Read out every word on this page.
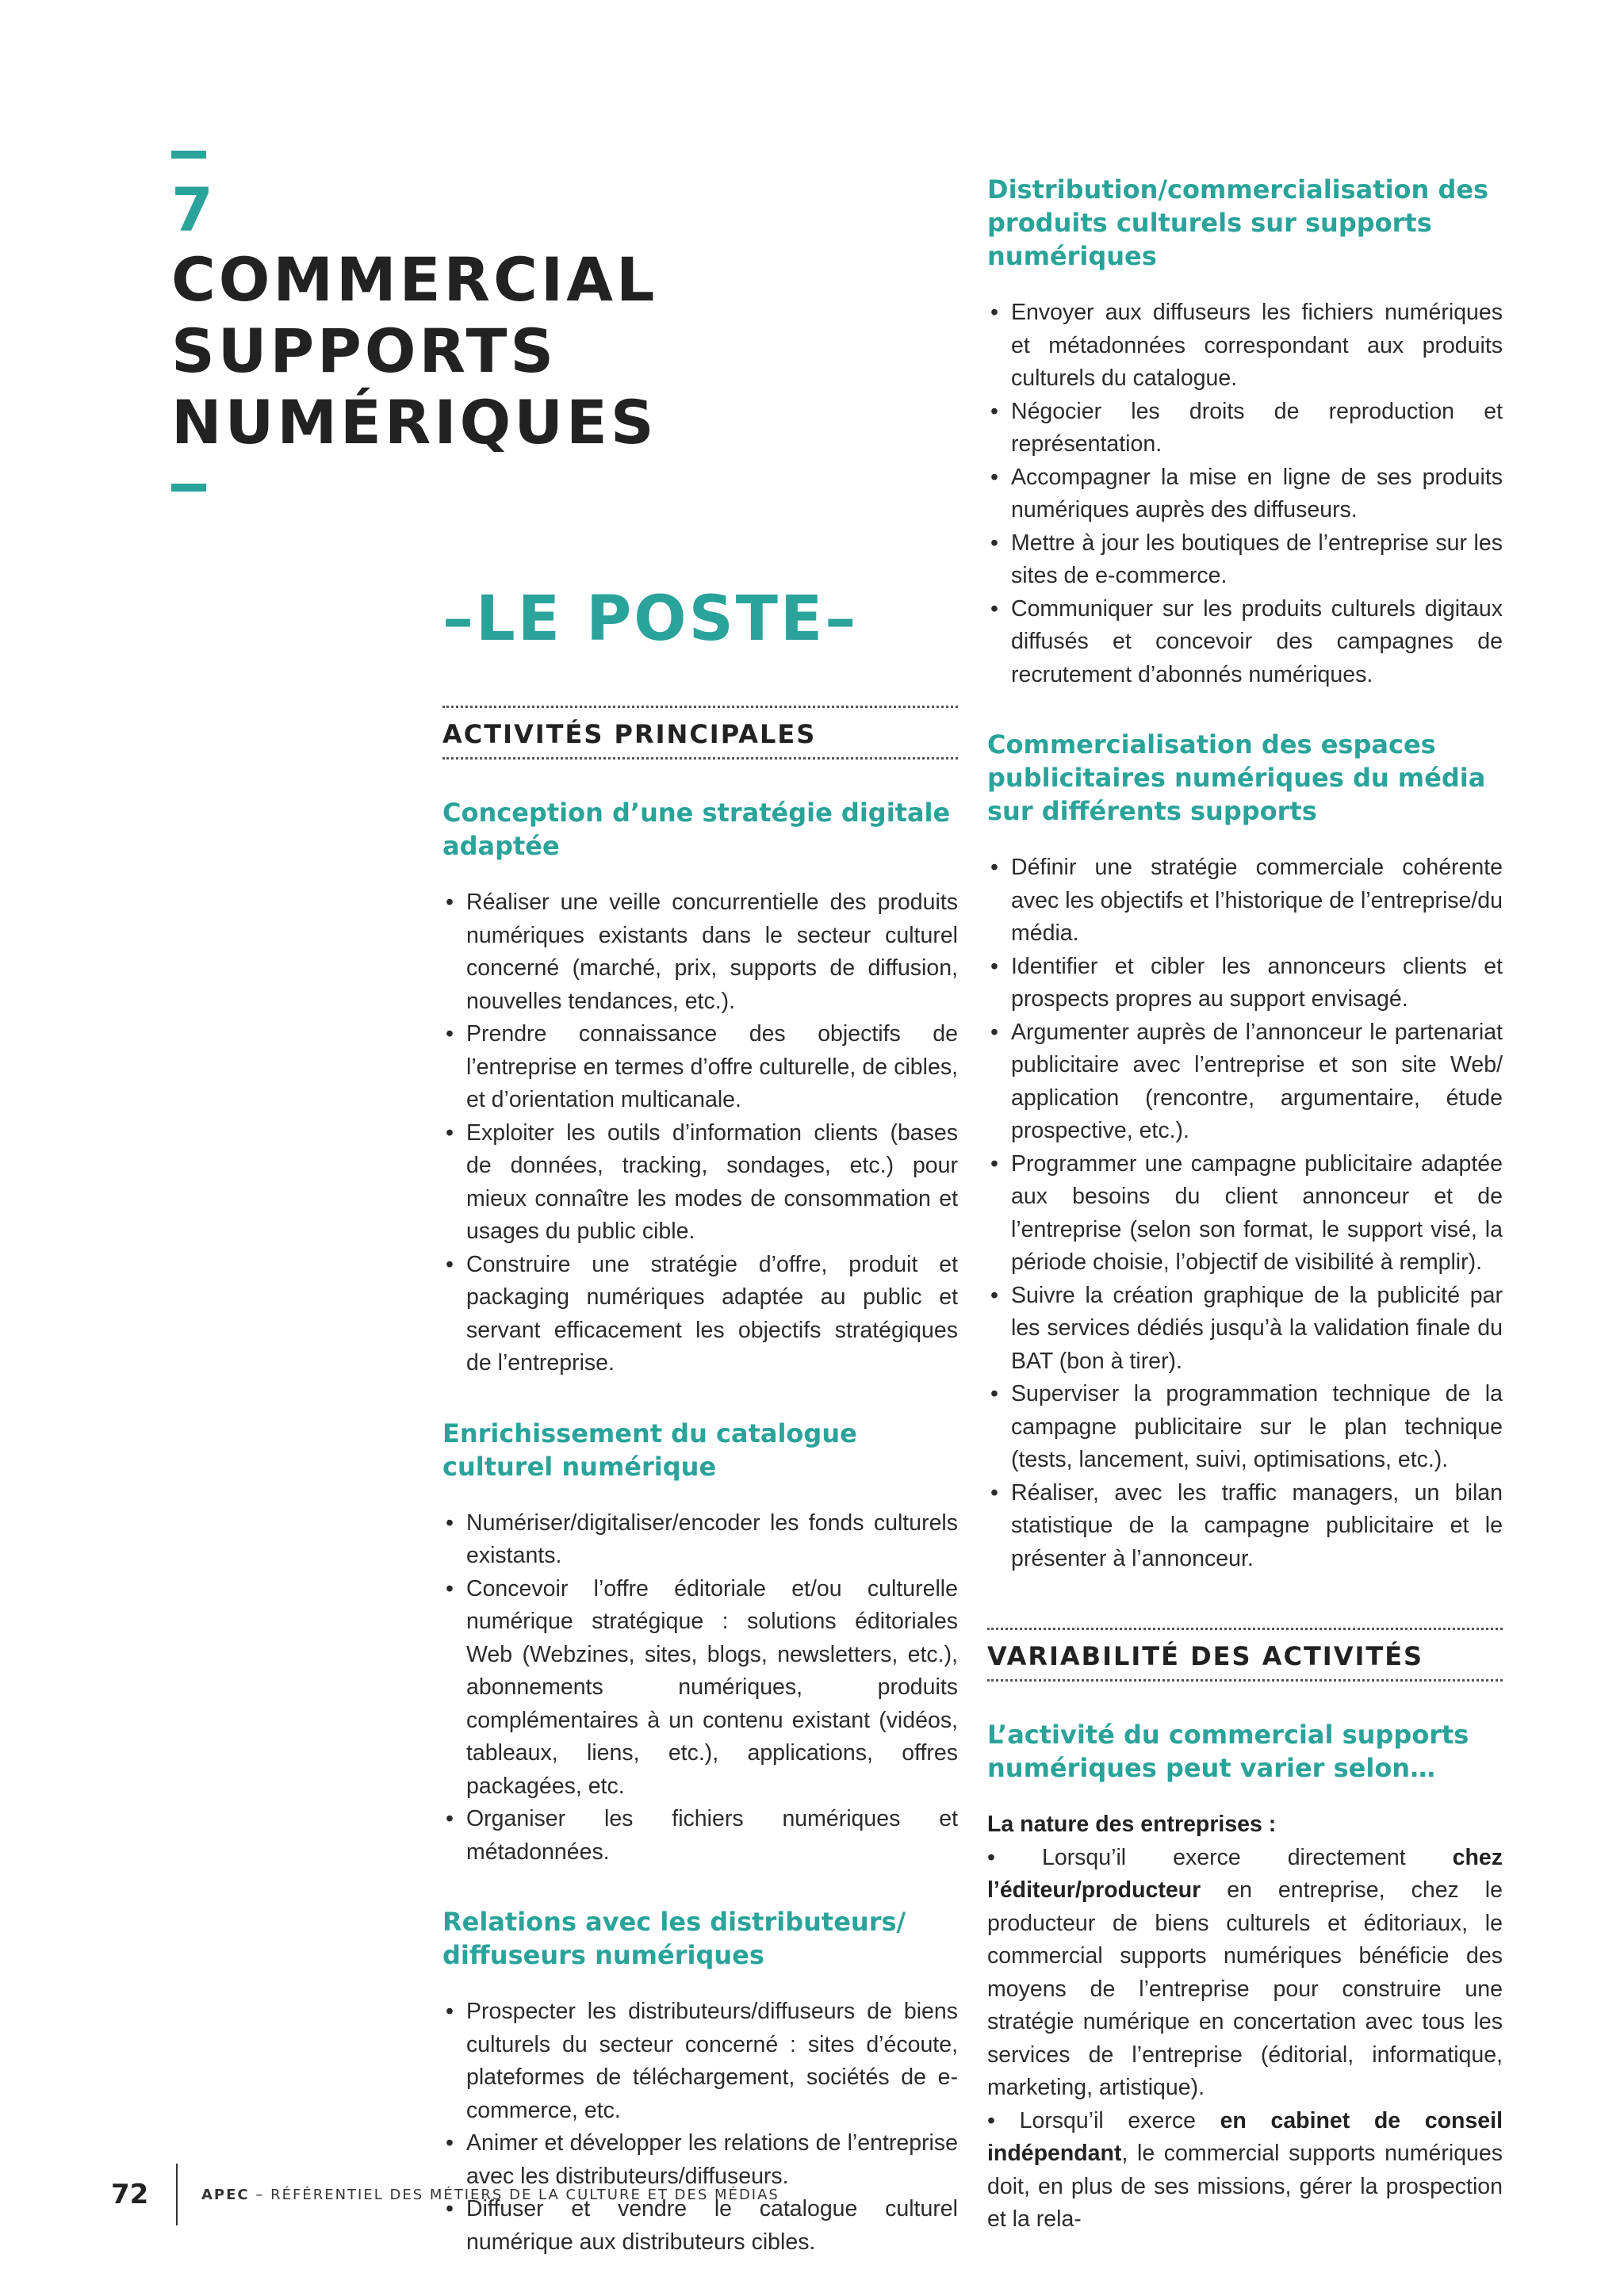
7
COMMERCIAL
SUPPORTS NUMÉRIQUES
–LE POSTE–
ACTIVITÉS PRINCIPALES
Conception d’une stratégie digitale adaptée
• Réaliser une veille concurrentielle des produits numériques existants dans le secteur culturel concerné (marché, prix, supports de diffusion, nouvelles tendances, etc.).
• Prendre connaissance des objectifs de l’entreprise en termes d’offre culturelle, de cibles, et d’orientation multicanale.
• Exploiter les outils d’information clients (bases de données, tracking, sondages, etc.) pour mieux connaître les modes de consommation et usages du public cible.
• Construire une stratégie d’offre, produit et packaging numériques adaptée au public et servant efficacement les objectifs stratégiques de l’entreprise.
Enrichissement du catalogue culturel numérique
• Numériser/digitaliser/encoder les fonds culturels existants.
• Concevoir l’offre éditoriale et/ou culturelle numérique stratégique : solutions éditoriales Web (Webzines, sites, blogs, newsletters, etc.), abonnements numériques, produits complémentaires à un contenu existant (vidéos, tableaux, liens, etc.), applications, offres packagées, etc.
• Organiser les fichiers numériques et métadonnées.
Relations avec les distributeurs/ diffuseurs numériques
• Prospecter les distributeurs/diffuseurs de biens culturels du secteur concerné : sites d’écoute, plateformes de téléchargement, sociétés de e-commerce, etc.
• Animer et développer les relations de l’entreprise avec les distributeurs/diffuseurs.
• Diffuser et vendre le catalogue culturel numérique aux distributeurs cibles.
Distribution/commercialisation des produits culturels sur supports numériques
• Envoyer aux diffuseurs les fichiers numériques et métadonnées correspondant aux produits culturels du catalogue.
• Négocier les droits de reproduction et représentation.
• Accompagner la mise en ligne de ses produits numériques auprès des diffuseurs.
• Mettre à jour les boutiques de l’entreprise sur les sites de e-commerce.
• Communiquer sur les produits culturels digitaux diffusés et concevoir des campagnes de recrutement d’abonnés numériques.
Commercialisation des espaces publicitaires numériques du média sur différents supports
• Définir une stratégie commerciale cohérente avec les objectifs et l’historique de l’entreprise/du média.
• Identifier et cibler les annonceurs clients et prospects propres au support envisagé.
• Argumenter auprès de l’annonceur le partenariat publicitaire avec l’entreprise et son site Web/ application (rencontre, argumentaire, étude prospective, etc.).
• Programmer une campagne publicitaire adaptée aux besoins du client annonceur et de l’entreprise (selon son format, le support visé, la période choisie, l’objectif de visibilité à remplir).
• Suivre la création graphique de la publicité par les services dédiés jusqu’à la validation finale du BAT (bon à tirer).
• Superviser la programmation technique de la campagne publicitaire sur le plan technique (tests, lancement, suivi, optimisations, etc.).
• Réaliser, avec les traffic managers, un bilan statistique de la campagne publicitaire et le présenter à l’annonceur.
VARIABILITÉ DES ACTIVITÉS
L’activité du commercial supports numériques peut varier selon…
La nature des entreprises :

• Lorsqu’il exerce directement chez l’éditeur/producteur en entreprise, chez le producteur de biens culturels et éditoriaux, le commercial supports numériques bénéficie des moyens de l’entreprise pour construire une stratégie numérique en concertation avec tous les services de l’entreprise (éditorial, informatique, marketing, artistique).

• Lorsqu’il exerce en cabinet de conseil indépendant, le commercial supports numériques doit, en plus de ses missions, gérer la prospection et la rela-

72	APEC – RÉFÉRENTIEL DES MÉTIERS DE LA CULTURE ET DES MÉDIAS
